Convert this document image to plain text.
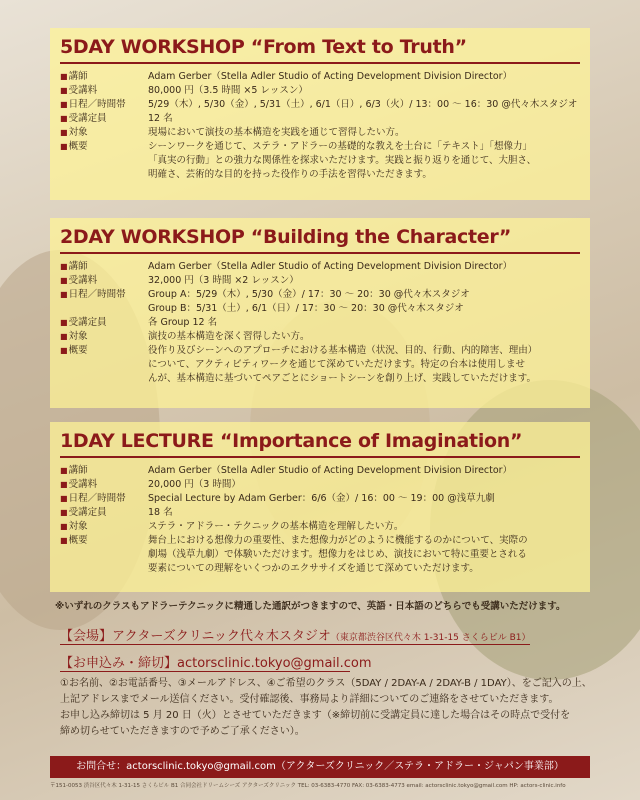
5DAY WORKSHOP “From Text to Truth”
■講師	Adam Gerber（Stella Adler Studio of Acting Development Division Director）
■受講料	80,000 円（3.5 時間 ×5 レッスン）
■日程／時間帯	5/29（木）, 5/30（金）, 5/31（土）, 6/1（日）, 6/3（火）/ 13：00 〜 16：30 @代々木スタジオ
■受講定員	12 名
■対象	現場において演技の基本構造を実践を通じて習得したい方。
■概要	シーンワークを通じて、ステラ・アドラーの基礎的な教えを土台に「テキスト」「想像力」
「真実の行動」との強力な関係性を探求いただけます。実践と振り返りを通じて、大胆さ、
明確さ、芸術的な目的を持った役作りの手法を習得いただきます。
2DAY WORKSHOP “Building the Character”
■講師	Adam Gerber（Stella Adler Studio of Acting Development Division Director）
■受講料	32,000 円（3 時間 ×2 レッスン）
■日程／時間帯	Group A：5/29（木）, 5/30（金）/ 17：30 〜 20：30 @代々木スタジオ
Group B：5/31（土）, 6/1（日）/ 17：30 〜 20：30 @代々木スタジオ
■受講定員	各 Group 12 名
■対象	演技の基本構造を深く習得したい方。
■概要	役作り及びシーンへのアプローチにおける基本構造（状況、目的、行動、内的障害、理由）
について、アクティビティワークを通じて深めていただけます。特定の台本は使用しませ
んが、基本構造に基づいてペアごとにショートシーンを創り上げ、実践していただけます。
1DAY LECTURE “Importance of Imagination”
■講師	Adam Gerber（Stella Adler Studio of Acting Development Division Director）
■受講料	20,000 円（3 時間）
■日程／時間帯	Special Lecture by Adam Gerber：6/6（金）/ 16：00 〜 19：00 @浅草九劇
■受講定員	18 名
■対象	ステラ・アドラー・テクニックの基本構造を理解したい方。
■概要	舞台上における想像力の重要性、また想像力がどのように機能するのかについて、実際の
劇場（浅草九劇）で体験いただけます。想像力をはじめ、演技において特に重要とされる
要素についての理解をいくつかのエクササイズを通じて深めていただけます。
※いずれのクラスもアドラーテクニックに精通した通訳がつきますので、英語・日本語のどちらでも受講いただけます。
【会場】アクターズクリニック代々木スタジオ（東京都渋谷区代々木 1-31-15 さくらビル B1）
【お申込み・締切】actorsclinic.tokyo@gmail.com
①お名前、②お電話番号、③メールアドレス、④ご希望のクラス（5DAY / 2DAY-A / 2DAY-B / 1DAY）、をご記入の上、
上記アドレスまでメール送信ください。受付確認後、事務局より詳細についてのご連絡をさせていただきます。
お申し込み締切は 5 月 20 日（火）とさせていただきます（※締切前に受講定員に達した場合はその時点で受付を
締め切らせていただきますので予めご了承ください）。
お問合せ：actorsclinic.tokyo@gmail.com（アクターズクリニック／ステラ・アドラー・ジャパン事業部）
〒151-0053 渋谷区代々木 1-31-15 さくらビル B1 合同会社ドリームシーズ アクターズクリニック TEL: 03-6383-4770 FAX: 03-6383-4773 email: actorsclinic.tokyo@gmail.com HP: actors-clinic.info
